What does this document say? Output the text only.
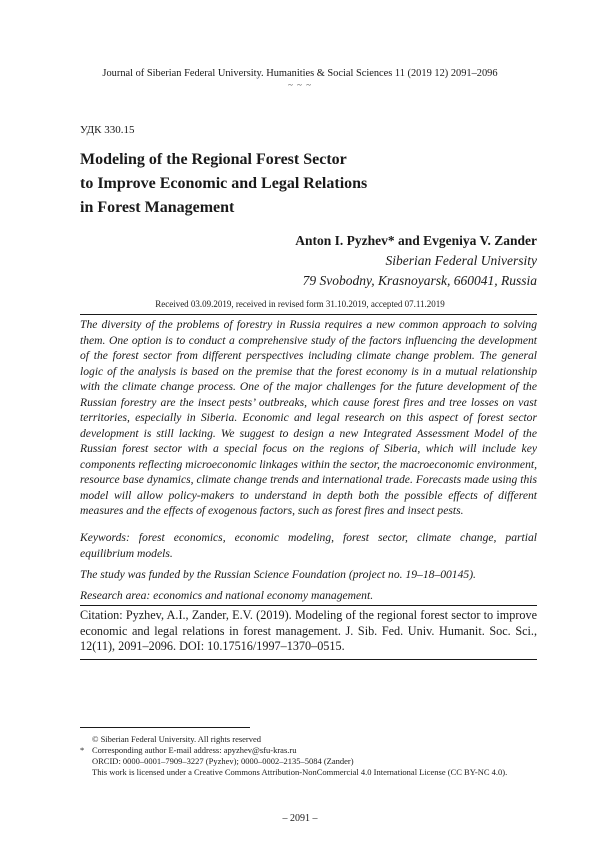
Journal of Siberian Federal University. Humanities & Social Sciences 11 (2019 12) 2091–2096
~ ~ ~
УДК 330.15
Modeling of the Regional Forest Sector
to Improve Economic and Legal Relations
in Forest Management
Anton I. Pyzhev* and Evgeniya V. Zander
Siberian Federal University
79 Svobodny, Krasnoyarsk, 660041, Russia
Received 03.09.2019, received in revised form 31.10.2019, accepted 07.11.2019
The diversity of the problems of forestry in Russia requires a new common approach to solving them. One option is to conduct a comprehensive study of the factors influencing the development of the forest sector from different perspectives including climate change problem. The general logic of the analysis is based on the premise that the forest economy is in a mutual relationship with the climate change process. One of the major challenges for the future development of the Russian forestry are the insect pests’ outbreaks, which cause forest fires and tree losses on vast territories, especially in Siberia. Economic and legal research on this aspect of forest sector development is still lacking. We suggest to design a new Integrated Assessment Model of the Russian forest sector with a special focus on the regions of Siberia, which will include key components reflecting microeconomic linkages within the sector, the macroeconomic environment, resource base dynamics, climate change trends and international trade. Forecasts made using this model will allow policy-makers to understand in depth both the possible effects of different measures and the effects of exogenous factors, such as forest fires and insect pests.
Keywords: forest economics, economic modeling, forest sector, climate change, partial equilibrium models.
The study was funded by the Russian Science Foundation (project no. 19–18–00145).
Research area: economics and national economy management.
Citation: Pyzhev, A.I., Zander, E.V. (2019). Modeling of the regional forest sector to improve economic and legal relations in forest management. J. Sib. Fed. Univ. Humanit. Soc. Sci., 12(11), 2091–2096. DOI: 10.17516/1997–1370–0515.
© Siberian Federal University. All rights reserved
* Corresponding author E-mail address: apyzhev@sfu-kras.ru
ORCID: 0000–0001–7909–3227 (Pyzhev); 0000–0002–2135–5084 (Zander)
This work is licensed under a Creative Commons Attribution-NonCommercial 4.0 International License (CC BY-NC 4.0).
– 2091 –
